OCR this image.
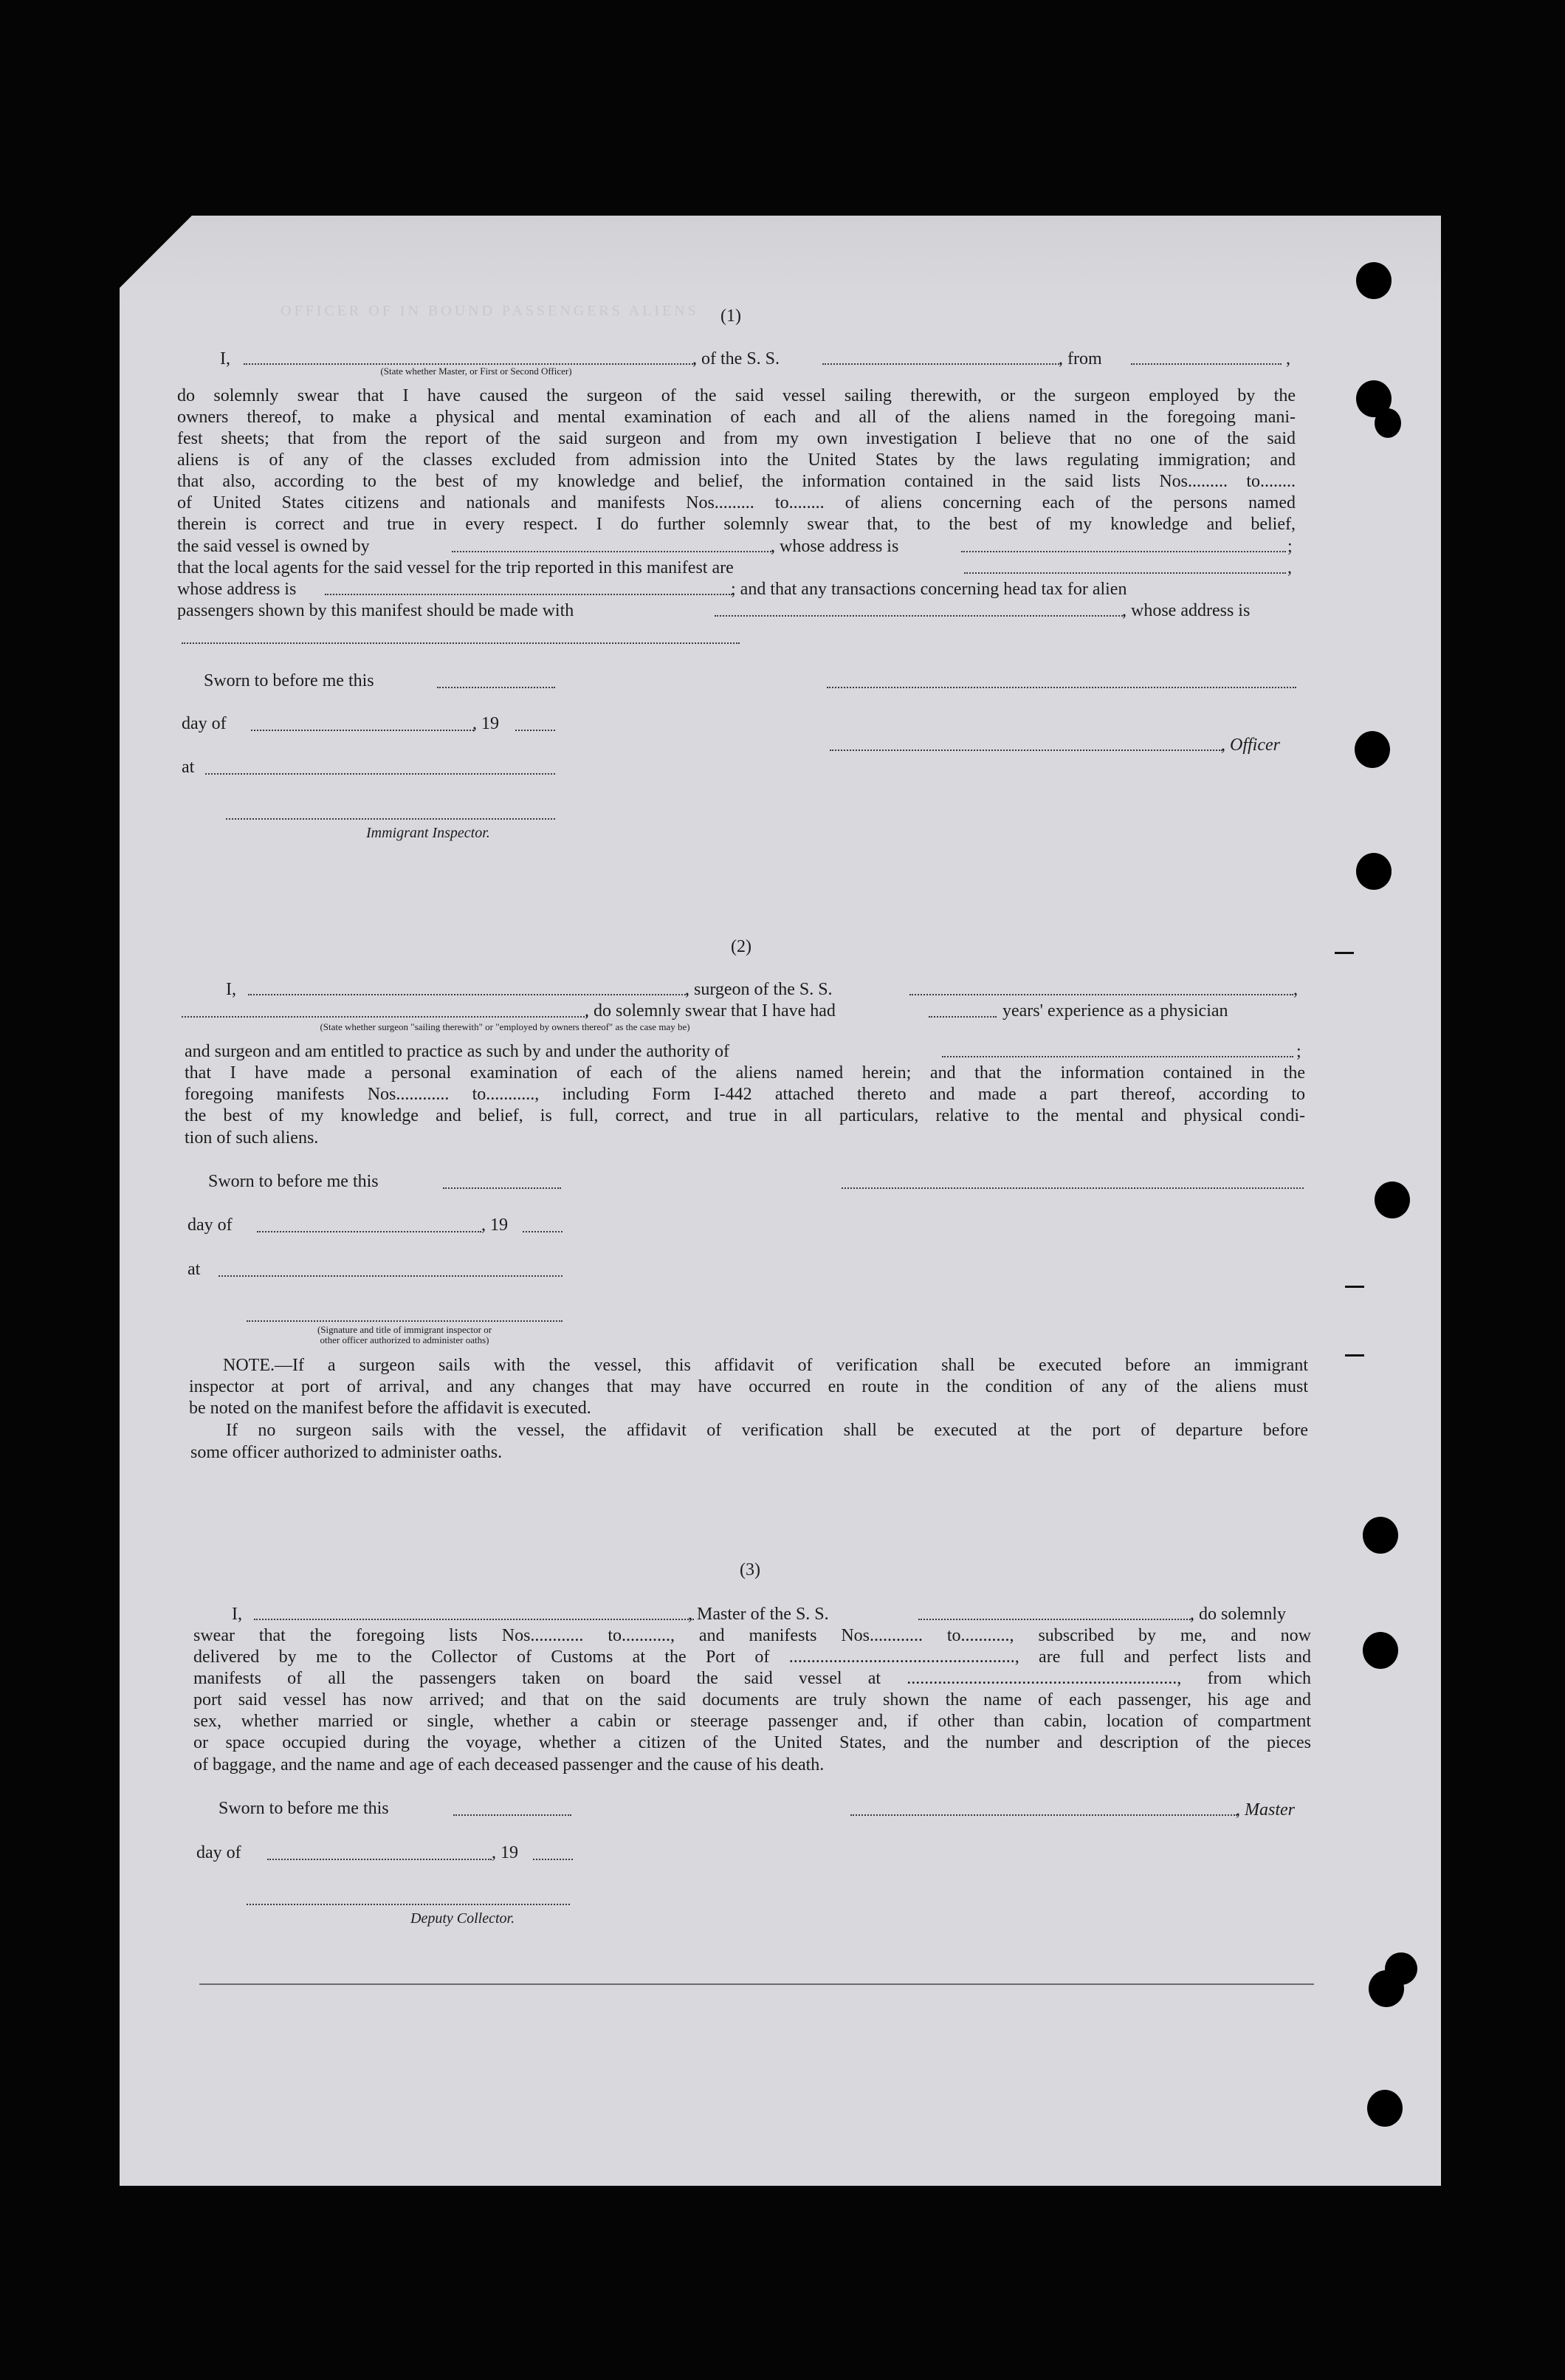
OFFICER OF IN BOUND PASSENGERS ALIENS	(1)
I,	, of the S. S.	, from	,
(State whether Master, or First or Second Officer)
do solemnly swear that I have caused the surgeon of the said vessel sailing therewith, or the surgeon employed by the
owners thereof, to make a physical and mental examination of each and all of the aliens named in the foregoing mani-
fest sheets; that from the report of the said surgeon and from my own investigation I believe that no one of the said
aliens is of any of the classes excluded from admission into the United States by the laws regulating immigration; and
that also, according to the best of my knowledge and belief, the information contained in the said lists Nos......... to........
of United States citizens and nationals and manifests Nos......... to........ of aliens concerning each of the persons named
therein is correct and true in every respect. I do further solemnly swear that, to the best of my knowledge and belief,
the said vessel is owned by	, whose address is	;
that the local agents for the said vessel for the trip reported in this manifest are	,
whose address is	; and that any transactions concerning head tax for alien
passengers shown by this manifest should be made with	, whose address is
Sworn to before me this
day of	, 19
, Officer
at
Immigrant Inspector.
(2)
I,	, surgeon of the S. S.	,
, do solemnly swear that I have had	years' experience as a physician
(State whether surgeon "sailing therewith" or "employed by owners thereof" as the case may be)
and surgeon and am entitled to practice as such by and under the authority of	;
that I have made a personal examination of each of the aliens named herein; and that the information contained in the
foregoing manifests Nos............ to..........., including Form I-442 attached thereto and made a part thereof, according to
the best of my knowledge and belief, is full, correct, and true in all particulars, relative to the mental and physical condi-
tion of such aliens.
Sworn to before me this
day of	, 19
at
(Signature and title of immigrant inspector or
other officer authorized to administer oaths)
NOTE.—If a surgeon sails with the vessel, this affidavit of verification shall be executed before an immigrant
inspector at port of arrival, and any changes that may have occurred en route in the condition of any of the aliens must
be noted on the manifest before the affidavit is executed.
If no surgeon sails with the vessel, the affidavit of verification shall be executed at the port of departure before
some officer authorized to administer oaths.
(3)
I,	, Master of the S. S.	, do solemnly
swear that the foregoing lists Nos............ to..........., and manifests Nos............ to..........., subscribed by me, and now
delivered by me to the Collector of Customs at the Port of ..................................................., are full and perfect lists and
manifests of all the passengers taken on board the said vessel at ............................................................., from which
port said vessel has now arrived; and that on the said documents are truly shown the name of each passenger, his age and
sex, whether married or single, whether a cabin or steerage passenger and, if other than cabin, location of compartment
or space occupied during the voyage, whether a citizen of the United States, and the number and description of the pieces
of baggage, and the name and age of each deceased passenger and the cause of his death.
Sworn to before me this	, Master
day of	, 19
Deputy Collector.
